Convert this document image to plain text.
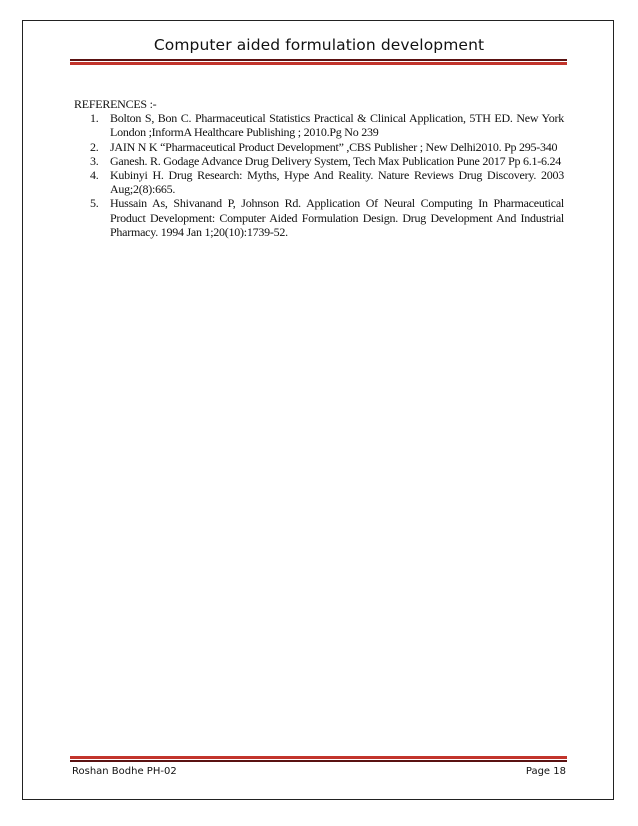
Computer aided formulation development
REFERENCES :-
1. Bolton S, Bon C. Pharmaceutical Statistics Practical & Clinical Application, 5TH ED. New York London ;InformA Healthcare Publishing ; 2010.Pg No 239
2. JAIN N K “Pharmaceutical Product Development” ,CBS Publisher ; New Delhi2010. Pp 295-340
3. Ganesh. R. Godage Advance Drug Delivery System, Tech Max Publication Pune 2017 Pp 6.1-6.24
4. Kubinyi H. Drug Research: Myths, Hype And Reality. Nature Reviews Drug Discovery. 2003 Aug;2(8):665.
5. Hussain As, Shivanand P, Johnson Rd. Application Of Neural Computing In Pharmaceutical Product Development: Computer Aided Formulation Design. Drug Development And Industrial Pharmacy. 1994 Jan 1;20(10):1739-52.
Roshan Bodhe PH-02	Page 18
